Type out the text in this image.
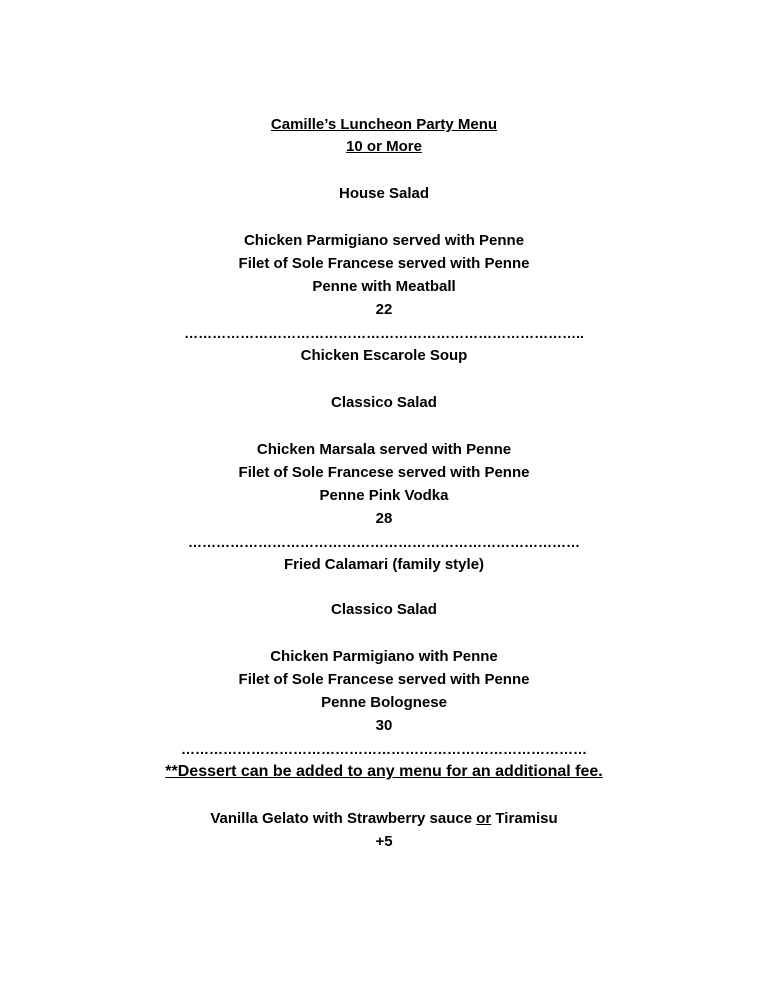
Camille’s Luncheon Party Menu
10 or More
House Salad
Chicken Parmigiano served with Penne
Filet of Sole Francese served with Penne
Penne with Meatball
22
…………………………………………………………………………..
Chicken Escarole Soup
Classico Salad
Chicken Marsala served with Penne
Filet of Sole Francese served with Penne
Penne Pink Vodka
28
…………………………………………………………………………
Fried Calamari (family style)
Classico Salad
Chicken Parmigiano with Penne
Filet of Sole Francese served with Penne
Penne Bolognese
30
……………………………………………………………………………
**Dessert can be added to any menu for an additional fee.
Vanilla Gelato with Strawberry sauce or Tiramisu
+5
